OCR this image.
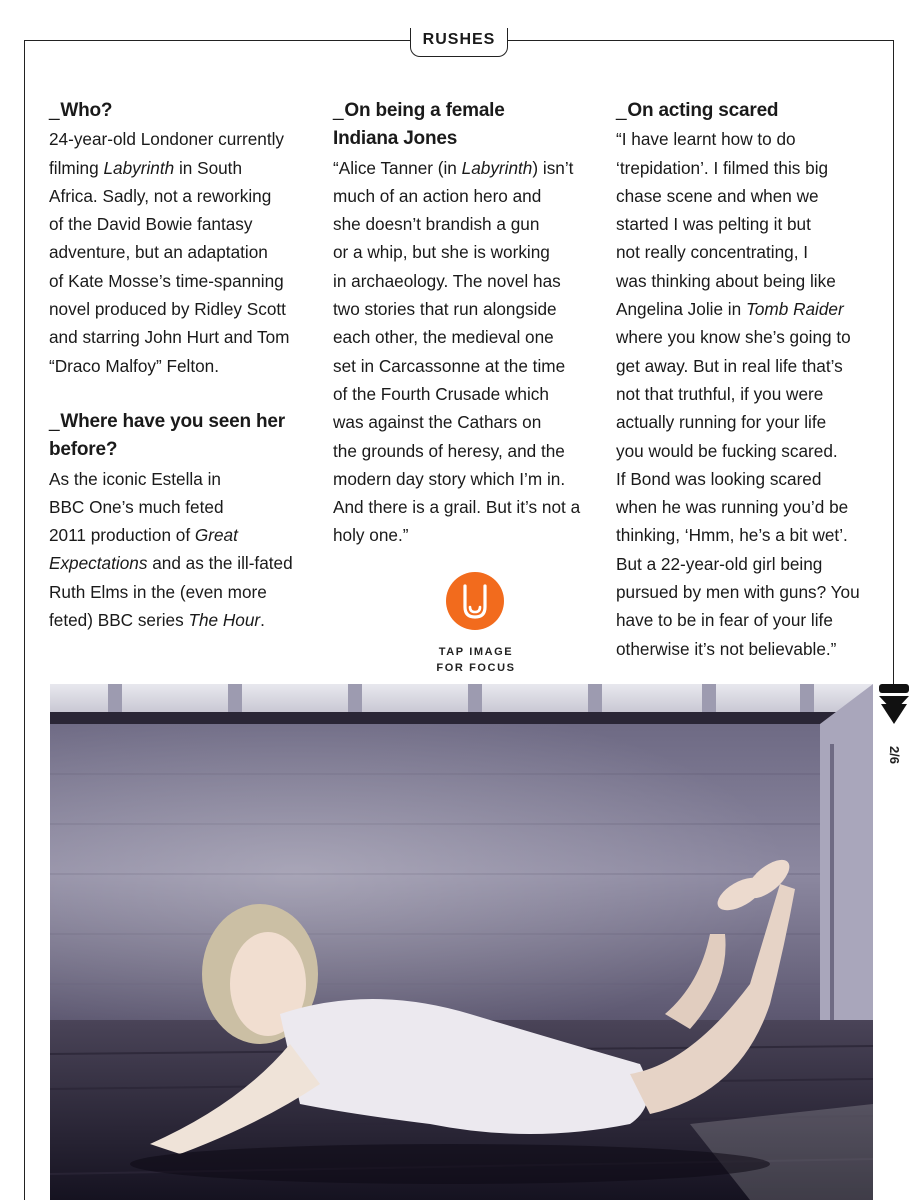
RUSHES
_Who?

24-year-old Londoner currently

filming Labyrinth in South

Africa. Sadly, not a reworking

of the David Bowie fantasy

adventure, but an adaptation

of Kate Mosse’s time-spanning

novel produced by Ridley Scott

and starring John Hurt and Tom

“Draco Malfoy” Felton.

_Where have you seen her
before?

As the iconic Estella in

BBC One’s much feted

2011 production of Great

Expectations and as the ill-fated

Ruth Elms in the (even more

feted) BBC series The Hour.

_On being a female
Indiana Jones

“Alice Tanner (in Labyrinth) isn’t

much of an action hero and

she doesn’t brandish a gun

or a whip, but she is working

in archaeology. The novel has

two stories that run alongside

each other, the medieval one

set in Carcassonne at the time

of the Fourth Crusade which

was against the Cathars on

the grounds of heresy, and the

modern day story which I’m in.

And there is a grail. But it’s not a

holy one.”

_On acting scared

“I have learnt how to do

‘trepidation’. I filmed this big

chase scene and when we

started I was pelting it but

not really concentrating, I

was thinking about being like

Angelina Jolie in Tomb Raider

where you know she’s going to

get away. But in real life that’s

not that truthful, if you were

actually running for your life

you would be fucking scared.

If Bond was looking scared

when he was running you’d be

thinking, ‘Hmm, he’s a bit wet’.

But a 22-year-old girl being

pursued by men with guns? You

have to be in fear of your life

otherwise it’s not believable.”

TAP IMAGE
FOR FOCUS
2/6
